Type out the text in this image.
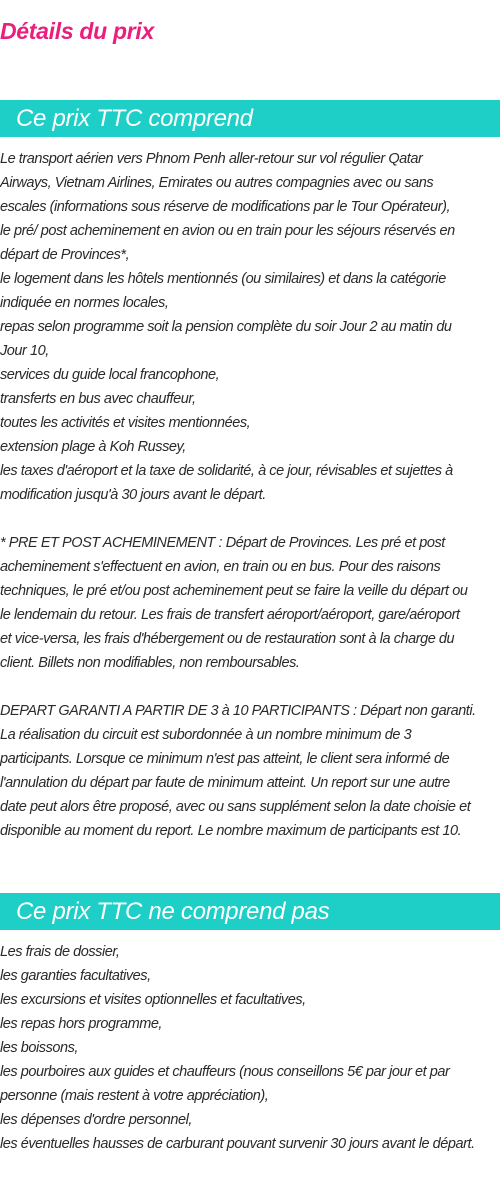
Détails du prix
Ce prix TTC comprend
Le transport aérien vers Phnom Penh aller-retour sur vol régulier Qatar
Airways, Vietnam Airlines, Emirates ou autres compagnies avec ou sans
escales (informations sous réserve de modifications par le Tour Opérateur),
le pré/ post acheminement en avion ou en train pour les séjours réservés en
départ de Provinces*,
le logement dans les hôtels mentionnés (ou similaires) et dans la catégorie
indiquée en normes locales,
repas selon programme soit la pension complète du soir Jour 2 au matin du
Jour 10,
services du guide local francophone,
transferts en bus avec chauffeur,
toutes les activités et visites mentionnées,
extension plage à Koh Russey,
les taxes d'aéroport et la taxe de solidarité, à ce jour, révisables et sujettes à
modification jusqu'à 30 jours avant le départ.
* PRE ET POST ACHEMINEMENT : Départ de Provinces. Les pré et post
acheminement s'effectuent en avion, en train ou en bus. Pour des raisons
techniques, le pré et/ou post acheminement peut se faire la veille du départ ou
le lendemain du retour. Les frais de transfert aéroport/aéroport, gare/aéroport
et vice-versa, les frais d'hébergement ou de restauration sont à la charge du
client. Billets non modifiables, non remboursables.
DEPART GARANTI A PARTIR DE 3 à 10 PARTICIPANTS : Départ non garanti.
La réalisation du circuit est subordonnée à un nombre minimum de 3
participants. Lorsque ce minimum n'est pas atteint, le client sera informé de
l'annulation du départ par faute de minimum atteint. Un report sur une autre
date peut alors être proposé, avec ou sans supplément selon la date choisie et
disponible au moment du report. Le nombre maximum de participants est 10.
Ce prix TTC ne comprend pas
Les frais de dossier,
les garanties facultatives,
les excursions et visites optionnelles et facultatives,
les repas hors programme,
les boissons,
les pourboires aux guides et chauffeurs (nous conseillons 5€ par jour et par
personne (mais restent à votre appréciation),
les dépenses d'ordre personnel,
les éventuelles hausses de carburant pouvant survenir 30 jours avant le départ.
